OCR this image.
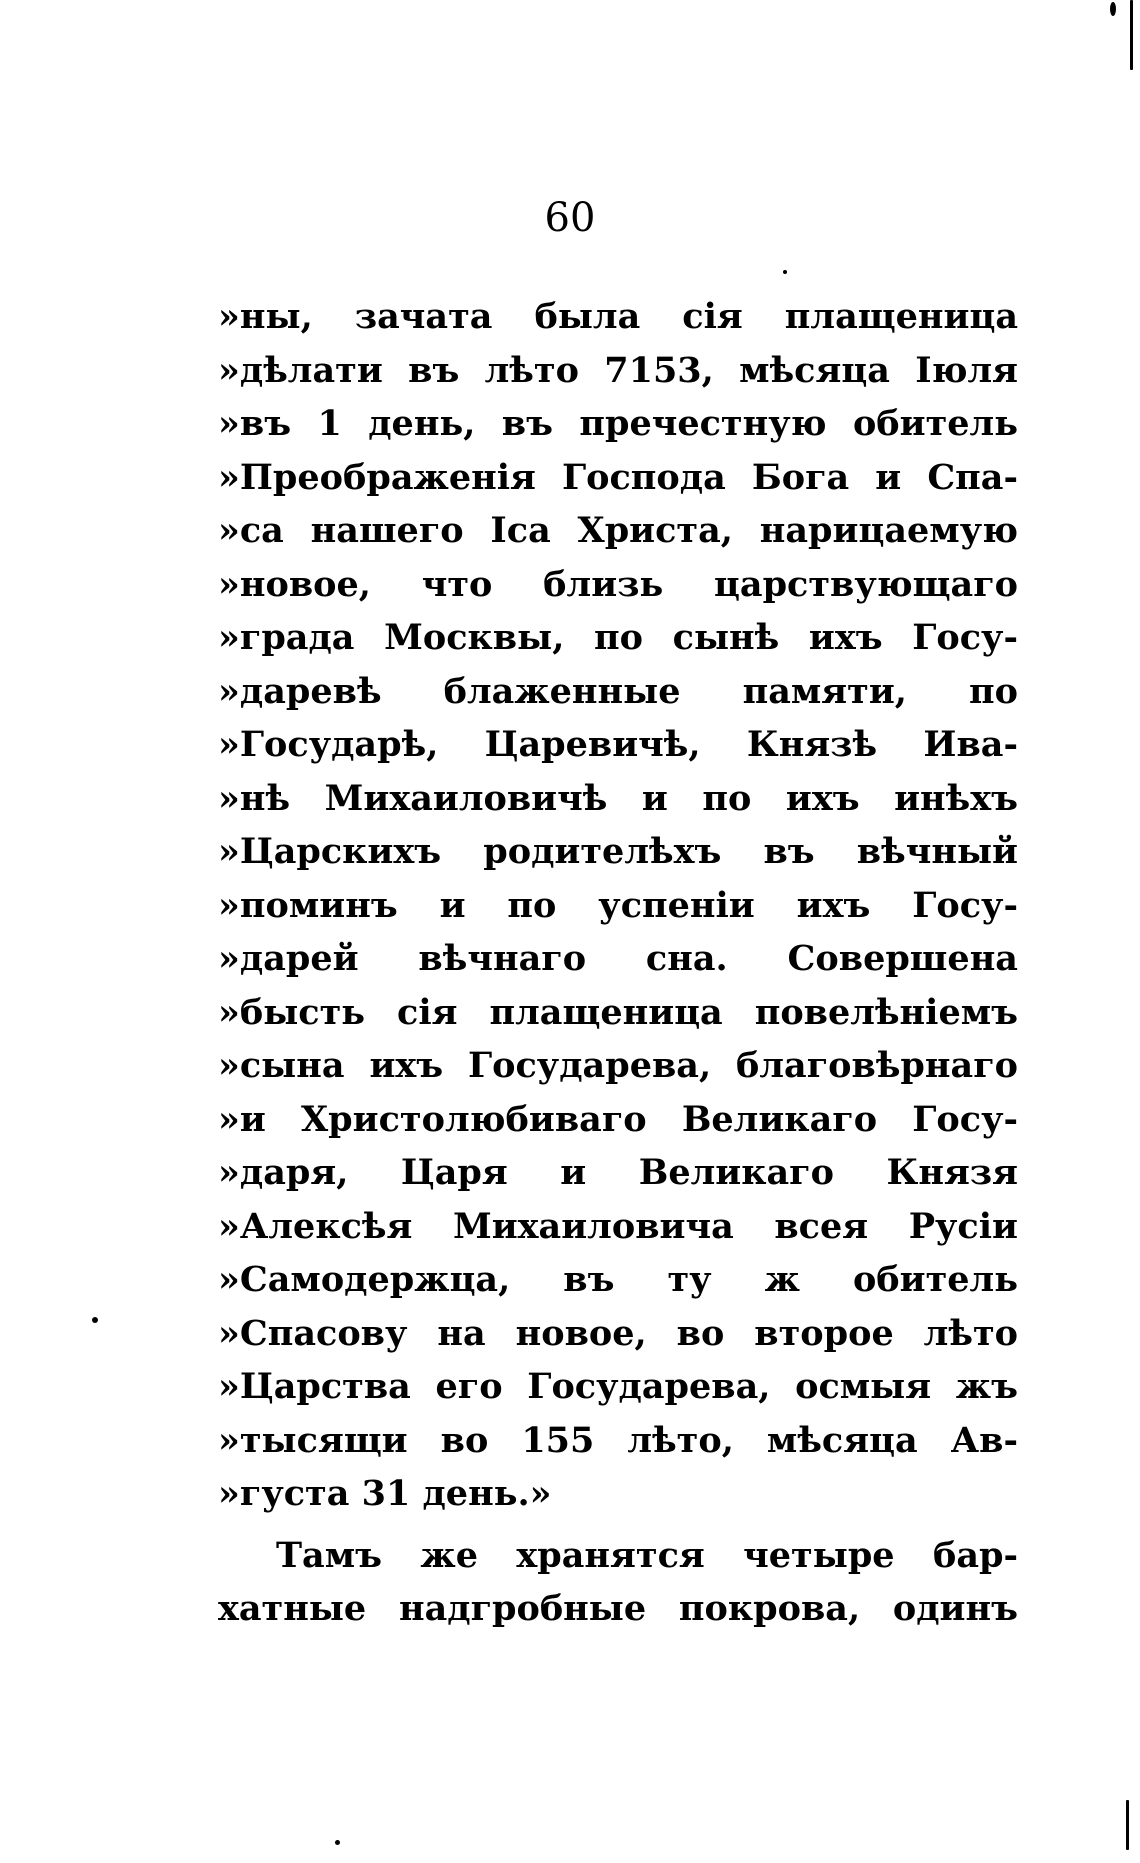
60
»ны, зачата была сія плащеница
»дѣлати въ лѣто 7153, мѣсяца Іюля
»въ 1 день, въ пречестную обитель
»Преображенія Господа Бога и Спа-
»са нашего Іса Христа, нарицаемую
»новое, что близь царствующаго
»града Москвы, по сынѣ ихъ Госу-
»даревѣ блаженные памяти, по
»Государѣ, Царевичѣ, Князѣ Ива-
»нѣ Михаиловичѣ и по ихъ инѣхъ
»Царскихъ родителѣхъ въ вѣчный
»поминъ и по успеніи ихъ Госу-
»дарей вѣчнаго сна. Совершена
»бысть сія плащеница повелѣніемъ
»сына ихъ Государева, благовѣрнаго
»и Христолюбиваго Великаго Госу-
»даря, Царя и Великаго Князя
»Алексѣя Михаиловича всея Русіи
»Самодержца, въ ту ж обитель
»Спасову на новое, во второе лѣто
»Царства его Государева, осмыя жъ
»тысящи во 155 лѣто, мѣсяца Ав-
»густа 31 день.»
Тамъ же хранятся четыре бар-
хатные надгробные покрова, одинъ
